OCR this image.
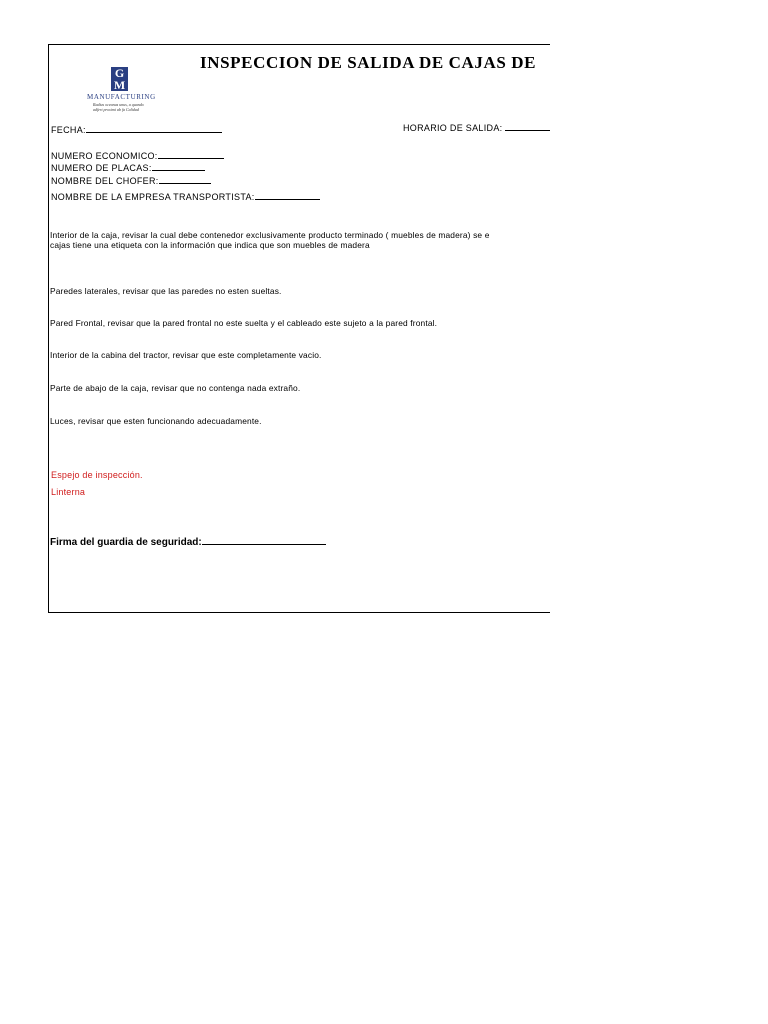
INSPECCION DE SALIDA DE CAJAS DE
G
M
MANUFACTURING
Radius oceanus unus, a quando adfert proximi ab fa Calidad
FECHA:	HORARIO DE SALIDA:
NUMERO ECONOMICO:
NUMERO DE PLACAS:
NOMBRE DEL CHOFER:
NOMBRE DE LA EMPRESA TRANSPORTISTA:
Interior de la caja, revisar la cual debe contenedor exclusivamente producto terminado ( muebles de madera) se e
cajas tiene una etiqueta con la información que indica que son muebles de madera
Paredes laterales, revisar que las paredes no esten sueltas.
Pared Frontal, revisar que la pared frontal no este suelta y el cableado este sujeto a la pared frontal.
Interior de la cabina del tractor, revisar que este completamente vacio.
Parte de abajo de la caja, revisar que no contenga nada extraño.
Luces, revisar que esten funcionando adecuadamente.
Espejo de inspección.
Linterna
Firma del guardia de seguridad:
